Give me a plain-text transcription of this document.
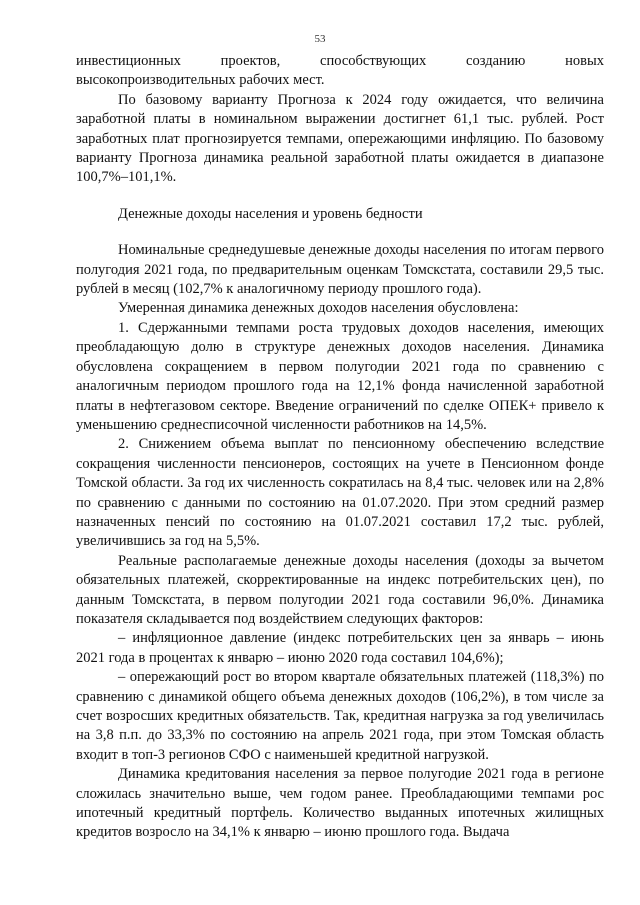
53

инвестиционных проектов, способствующих созданию новых высокопроизводительных рабочих мест.

По базовому варианту Прогноза к 2024 году ожидается, что величина заработной платы в номинальном выражении достигнет 61,1 тыс. рублей. Рост заработных плат прогнозируется темпами, опережающими инфляцию. По базовому варианту Прогноза динамика реальной заработной платы ожидается в диапазоне 100,7%–101,1%.

Денежные доходы населения и уровень бедности

Номинальные среднедушевые денежные доходы населения по итогам первого полугодия 2021 года, по предварительным оценкам Томскстата, составили 29,5 тыс. рублей в месяц (102,7% к аналогичному периоду прошлого года).

Умеренная динамика денежных доходов населения обусловлена:

1. Сдержанными темпами роста трудовых доходов населения, имеющих преобладающую долю в структуре денежных доходов населения. Динамика обусловлена сокращением в первом полугодии 2021 года по сравнению с аналогичным периодом прошлого года на 12,1% фонда начисленной заработной платы в нефтегазовом секторе. Введение ограничений по сделке ОПЕК+ привело к уменьшению среднесписочной численности работников на 14,5%.

2. Снижением объема выплат по пенсионному обеспечению вследствие сокращения численности пенсионеров, состоящих на учете в Пенсионном фонде Томской области. За год их численность сократилась на 8,4 тыс. человек или на 2,8% по сравнению с данными по состоянию на 01.07.2020. При этом средний размер назначенных пенсий по состоянию на 01.07.2021 составил 17,2 тыс. рублей, увеличившись за год на 5,5%.

Реальные располагаемые денежные доходы населения (доходы за вычетом обязательных платежей, скорректированные на индекс потребительских цен), по данным Томскстата, в первом полугодии 2021 года составили 96,0%. Динамика показателя складывается под воздействием следующих факторов:

– инфляционное давление (индекс потребительских цен за январь – июнь 2021 года в процентах к январю – июню 2020 года составил 104,6%);

– опережающий рост во втором квартале обязательных платежей (118,3%) по сравнению с динамикой общего объема денежных доходов (106,2%), в том числе за счет возросших кредитных обязательств. Так, кредитная нагрузка за год увеличилась на 3,8 п.п. до 33,3% по состоянию на апрель 2021 года, при этом Томская область входит в топ-3 регионов СФО с наименьшей кредитной нагрузкой.

Динамика кредитования населения за первое полугодие 2021 года в регионе сложилась значительно выше, чем годом ранее. Преобладающими темпами рос ипотечный кредитный портфель. Количество выданных ипотечных жилищных кредитов возросло на 34,1% к январю – июню прошлого года. Выдача
